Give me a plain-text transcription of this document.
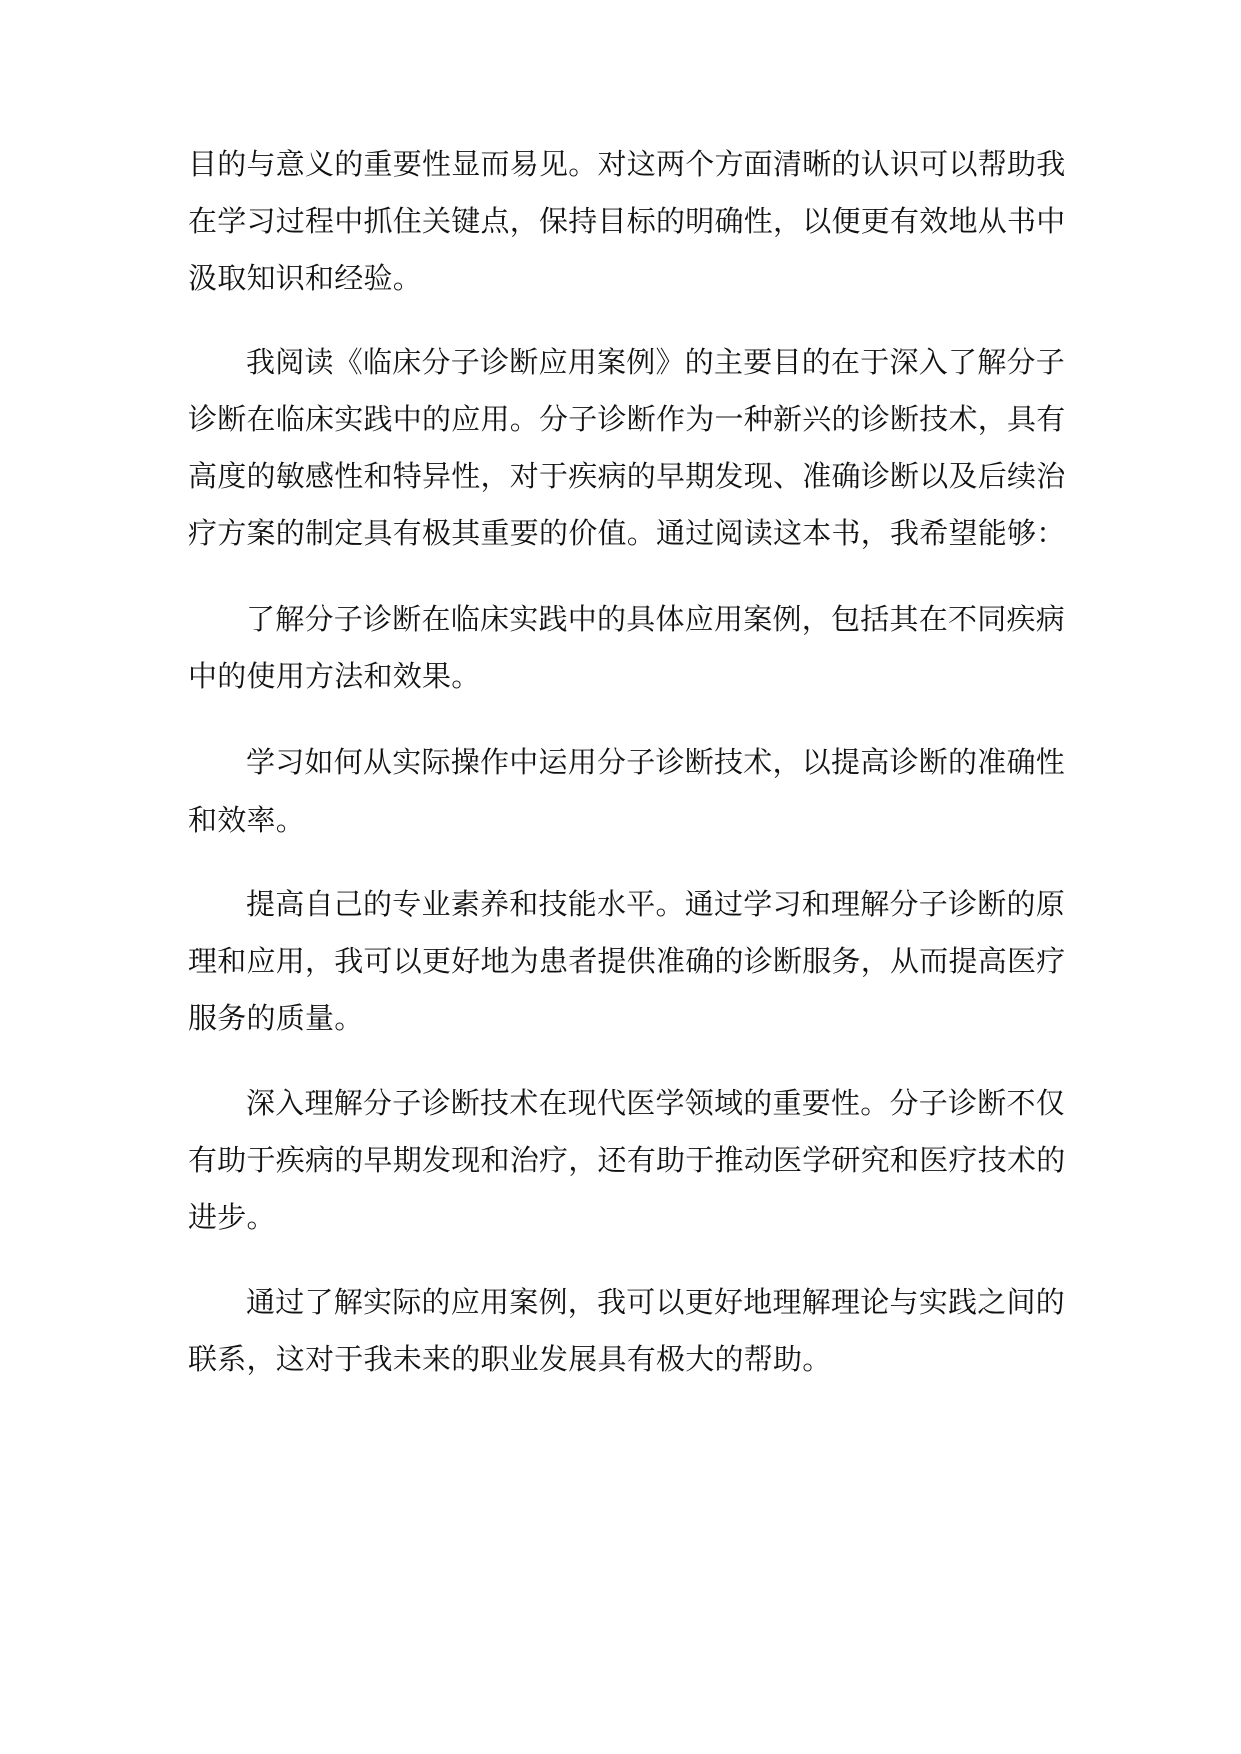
目的与意义的重要性显而易见。对这两个方面清晰的认识可以帮助我
在学习过程中抓住关键点，保持目标的明确性，以便更有效地从书中
汲取知识和经验。
我阅读《临床分子诊断应用案例》的主要目的在于深入了解分子
诊断在临床实践中的应用。分子诊断作为一种新兴的诊断技术，具有
高度的敏感性和特异性，对于疾病的早期发现、准确诊断以及后续治
疗方案的制定具有极其重要的价值。通过阅读这本书，我希望能够：
了解分子诊断在临床实践中的具体应用案例，包括其在不同疾病
中的使用方法和效果。
学习如何从实际操作中运用分子诊断技术，以提高诊断的准确性
和效率。
提高自己的专业素养和技能水平。通过学习和理解分子诊断的原
理和应用，我可以更好地为患者提供准确的诊断服务，从而提高医疗
服务的质量。
深入理解分子诊断技术在现代医学领域的重要性。分子诊断不仅
有助于疾病的早期发现和治疗，还有助于推动医学研究和医疗技术的
进步。
通过了解实际的应用案例，我可以更好地理解理论与实践之间的
联系，这对于我未来的职业发展具有极大的帮助。
